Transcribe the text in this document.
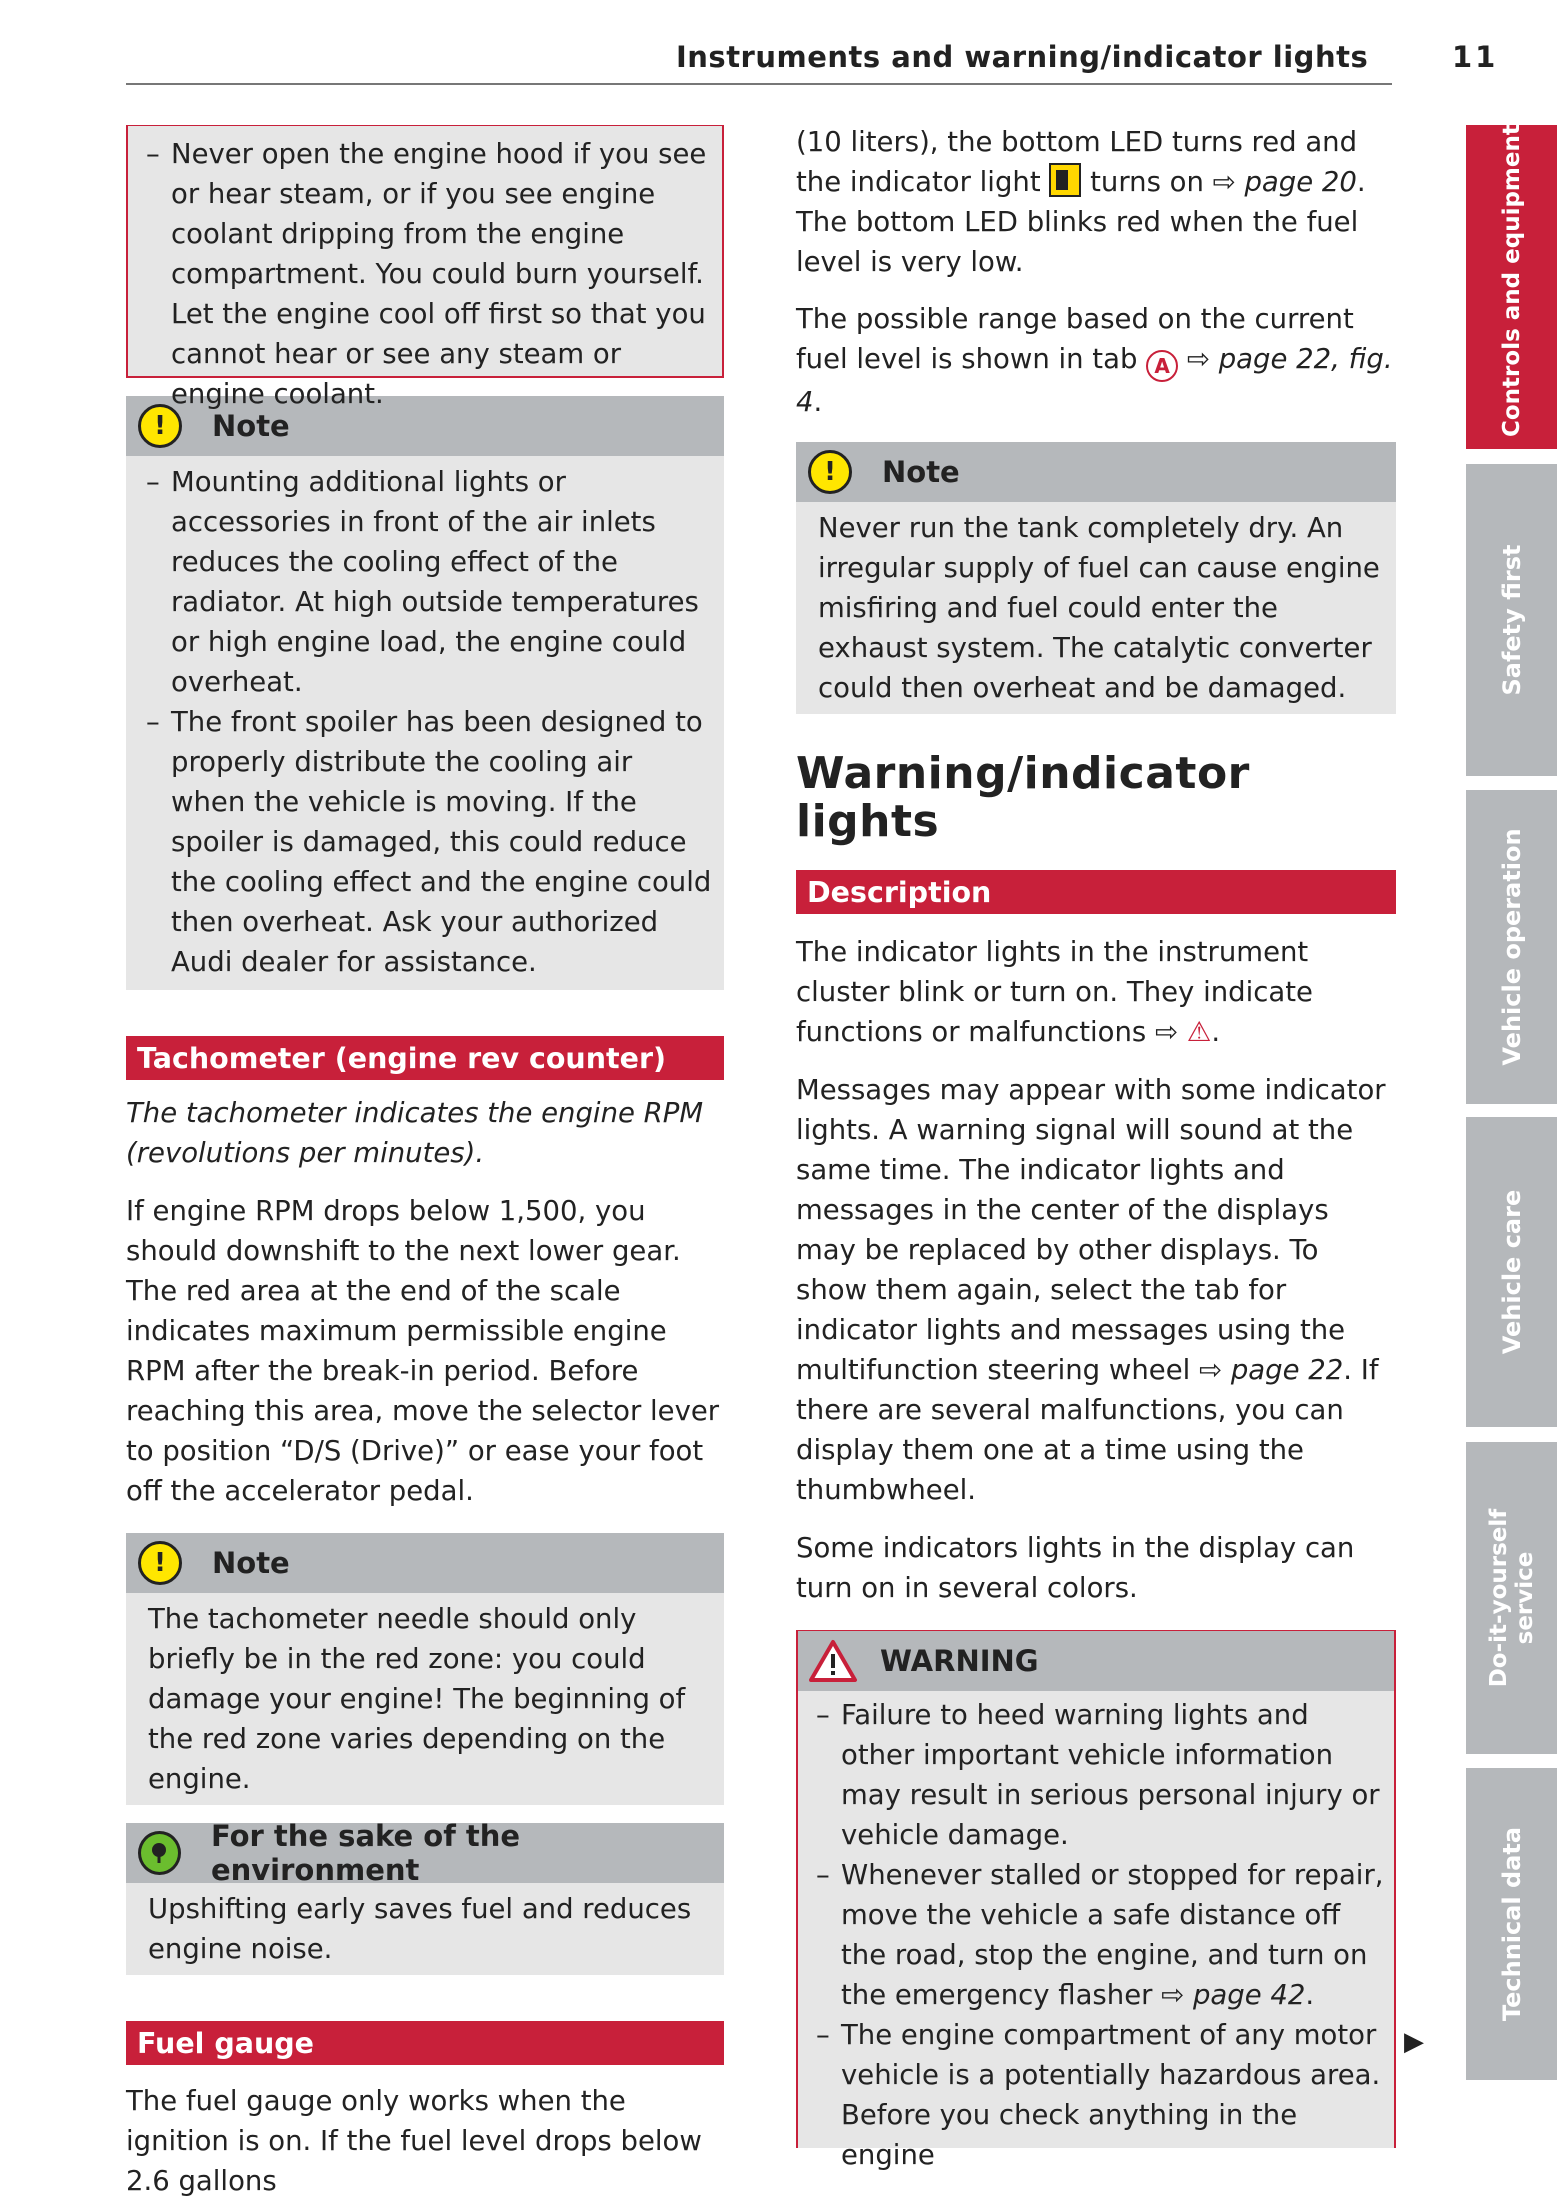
Instruments and warning/indicator lights	11
– Never open the engine hood if you see or hear steam, or if you see engine coolant dripping from the engine compartment. You could burn yourself. Let the engine cool off first so that you cannot hear or see any steam or engine coolant.
!	Note
– Mounting additional lights or accessories in front of the air inlets reduces the cooling effect of the radiator. At high outside temperatures or high engine load, the engine could overheat.
– The front spoiler has been designed to properly distribute the cooling air when the vehicle is moving. If the spoiler is damaged, this could reduce the cooling effect and the engine could then overheat. Ask your authorized Audi dealer for assistance.
Tachometer (engine rev counter)

The tachometer indicates the engine RPM (revolutions per minutes).

If engine RPM drops below 1,500, you should downshift to the next lower gear. The red area at the end of the scale indicates maximum permissible engine RPM after the break-in period. Before reaching this area, move the selector lever to position “D/S (Drive)” or ease your foot off the accelerator pedal.

!	Note

The tachometer needle should only briefly be in the red zone: you could damage your engine! The beginning of the red zone varies depending on the engine.

For the sake of the environment

Upshifting early saves fuel and reduces engine noise.

Fuel gauge

The fuel gauge only works when the ignition is on. If the fuel level drops below 2.6 gallons

(10 liters), the bottom LED turns red and the indicator light turns on ⇨ page 20. The bottom LED blinks red when the fuel level is very low.

The possible range based on the current fuel level is shown in tab A ⇨ page 22, fig. 4.

!	Note

Never run the tank completely dry. An irregular supply of fuel can cause engine misfiring and fuel could enter the exhaust system. The catalytic converter could then overheat and be damaged.

Warning/indicator lights
Description

The indicator lights in the instrument cluster blink or turn on. They indicate functions or malfunctions ⇨ ⚠.

Messages may appear with some indicator lights. A warning signal will sound at the same time. The indicator lights and messages in the center of the displays may be replaced by other displays. To show them again, select the tab for indicator lights and messages using the multifunction steering wheel ⇨ page 22. If there are several malfunctions, you can display them one at a time using the thumbwheel.

Some indicators lights in the display can turn on in several colors.

WARNING
– Failure to heed warning lights and other important vehicle information may result in serious personal injury or vehicle damage.
– Whenever stalled or stopped for repair, move the vehicle a safe distance off the road, stop the engine, and turn on the emergency flasher ⇨ page 42.
– The engine compartment of any motor vehicle is a potentially hazardous area. Before you check anything in the engine
▶
Controls and equipment
Safety first
Vehicle operation
Vehicle care
Do-it-yourself service
Technical data
